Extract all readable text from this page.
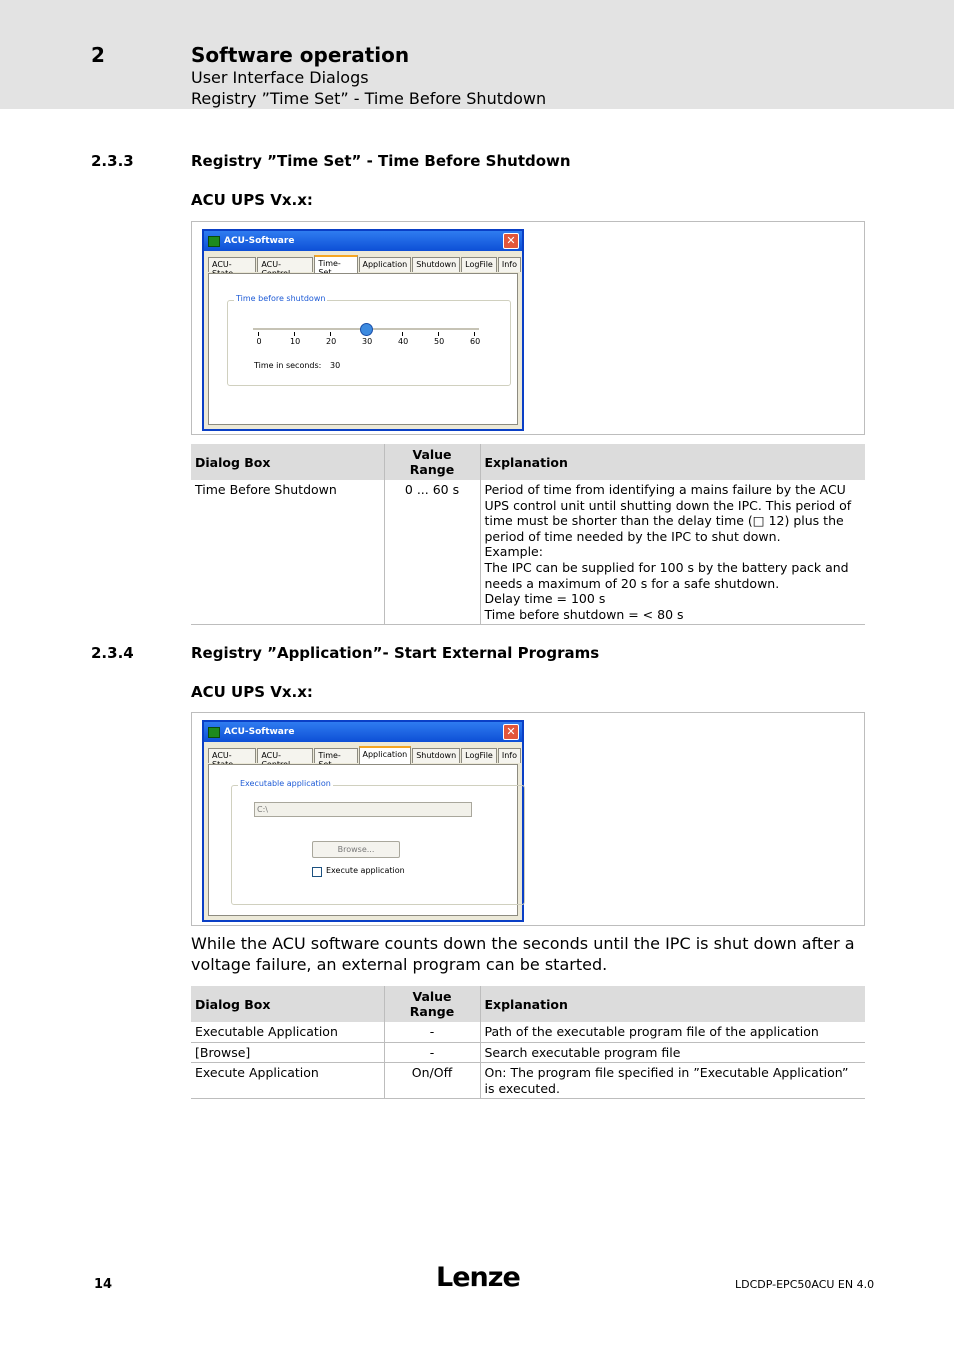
2	Software operation
User Interface Dialogs
Registry ”Time Set” - Time Before Shutdown
2.3.3	Registry ”Time Set” - Time Before Shutdown
ACU UPS Vx.x:
ACU-Software	✕
ACU-	ACU-	Time-	Application	Shutdown	LogFile	Info
Time before shutdown
0	10	20	30	40	50	60
Time in seconds: 30
Dialog Box	Value Range	Explanation
Time Before Shutdown	0 ... 60 s	Period of time from identifying a mains failure by the ACU UPS control unit until shutting down the IPC. This period of time must be shorter than the delay time (□ 12) plus the period of time needed by the IPC to shut down.
Example:
The IPC can be supplied for 100 s by the battery pack and needs a maximum of 20 s for a safe shutdown.
Delay time = 100 s
Time before shutdown = < 80 s
2.3.4	Registry ”Application”- Start External Programs
ACU UPS Vx.x:
ACU-Software	✕
ACU-	ACU-	Time-	Application	Shutdown	LogFile	Info
Executable application
C:\
Browse...
Execute application
While the ACU software counts down the seconds until the IPC is shut down after a voltage failure, an external program can be started.
Dialog Box	Value Range	Explanation
Executable Application	-	Path of the executable program file of the application
[Browse]	-	Search executable program file
Execute Application	On/Off	On: The program file specified in ”Executable Application” is executed.
14	Lenze	LDCDP-EPC50ACU EN 4.0
